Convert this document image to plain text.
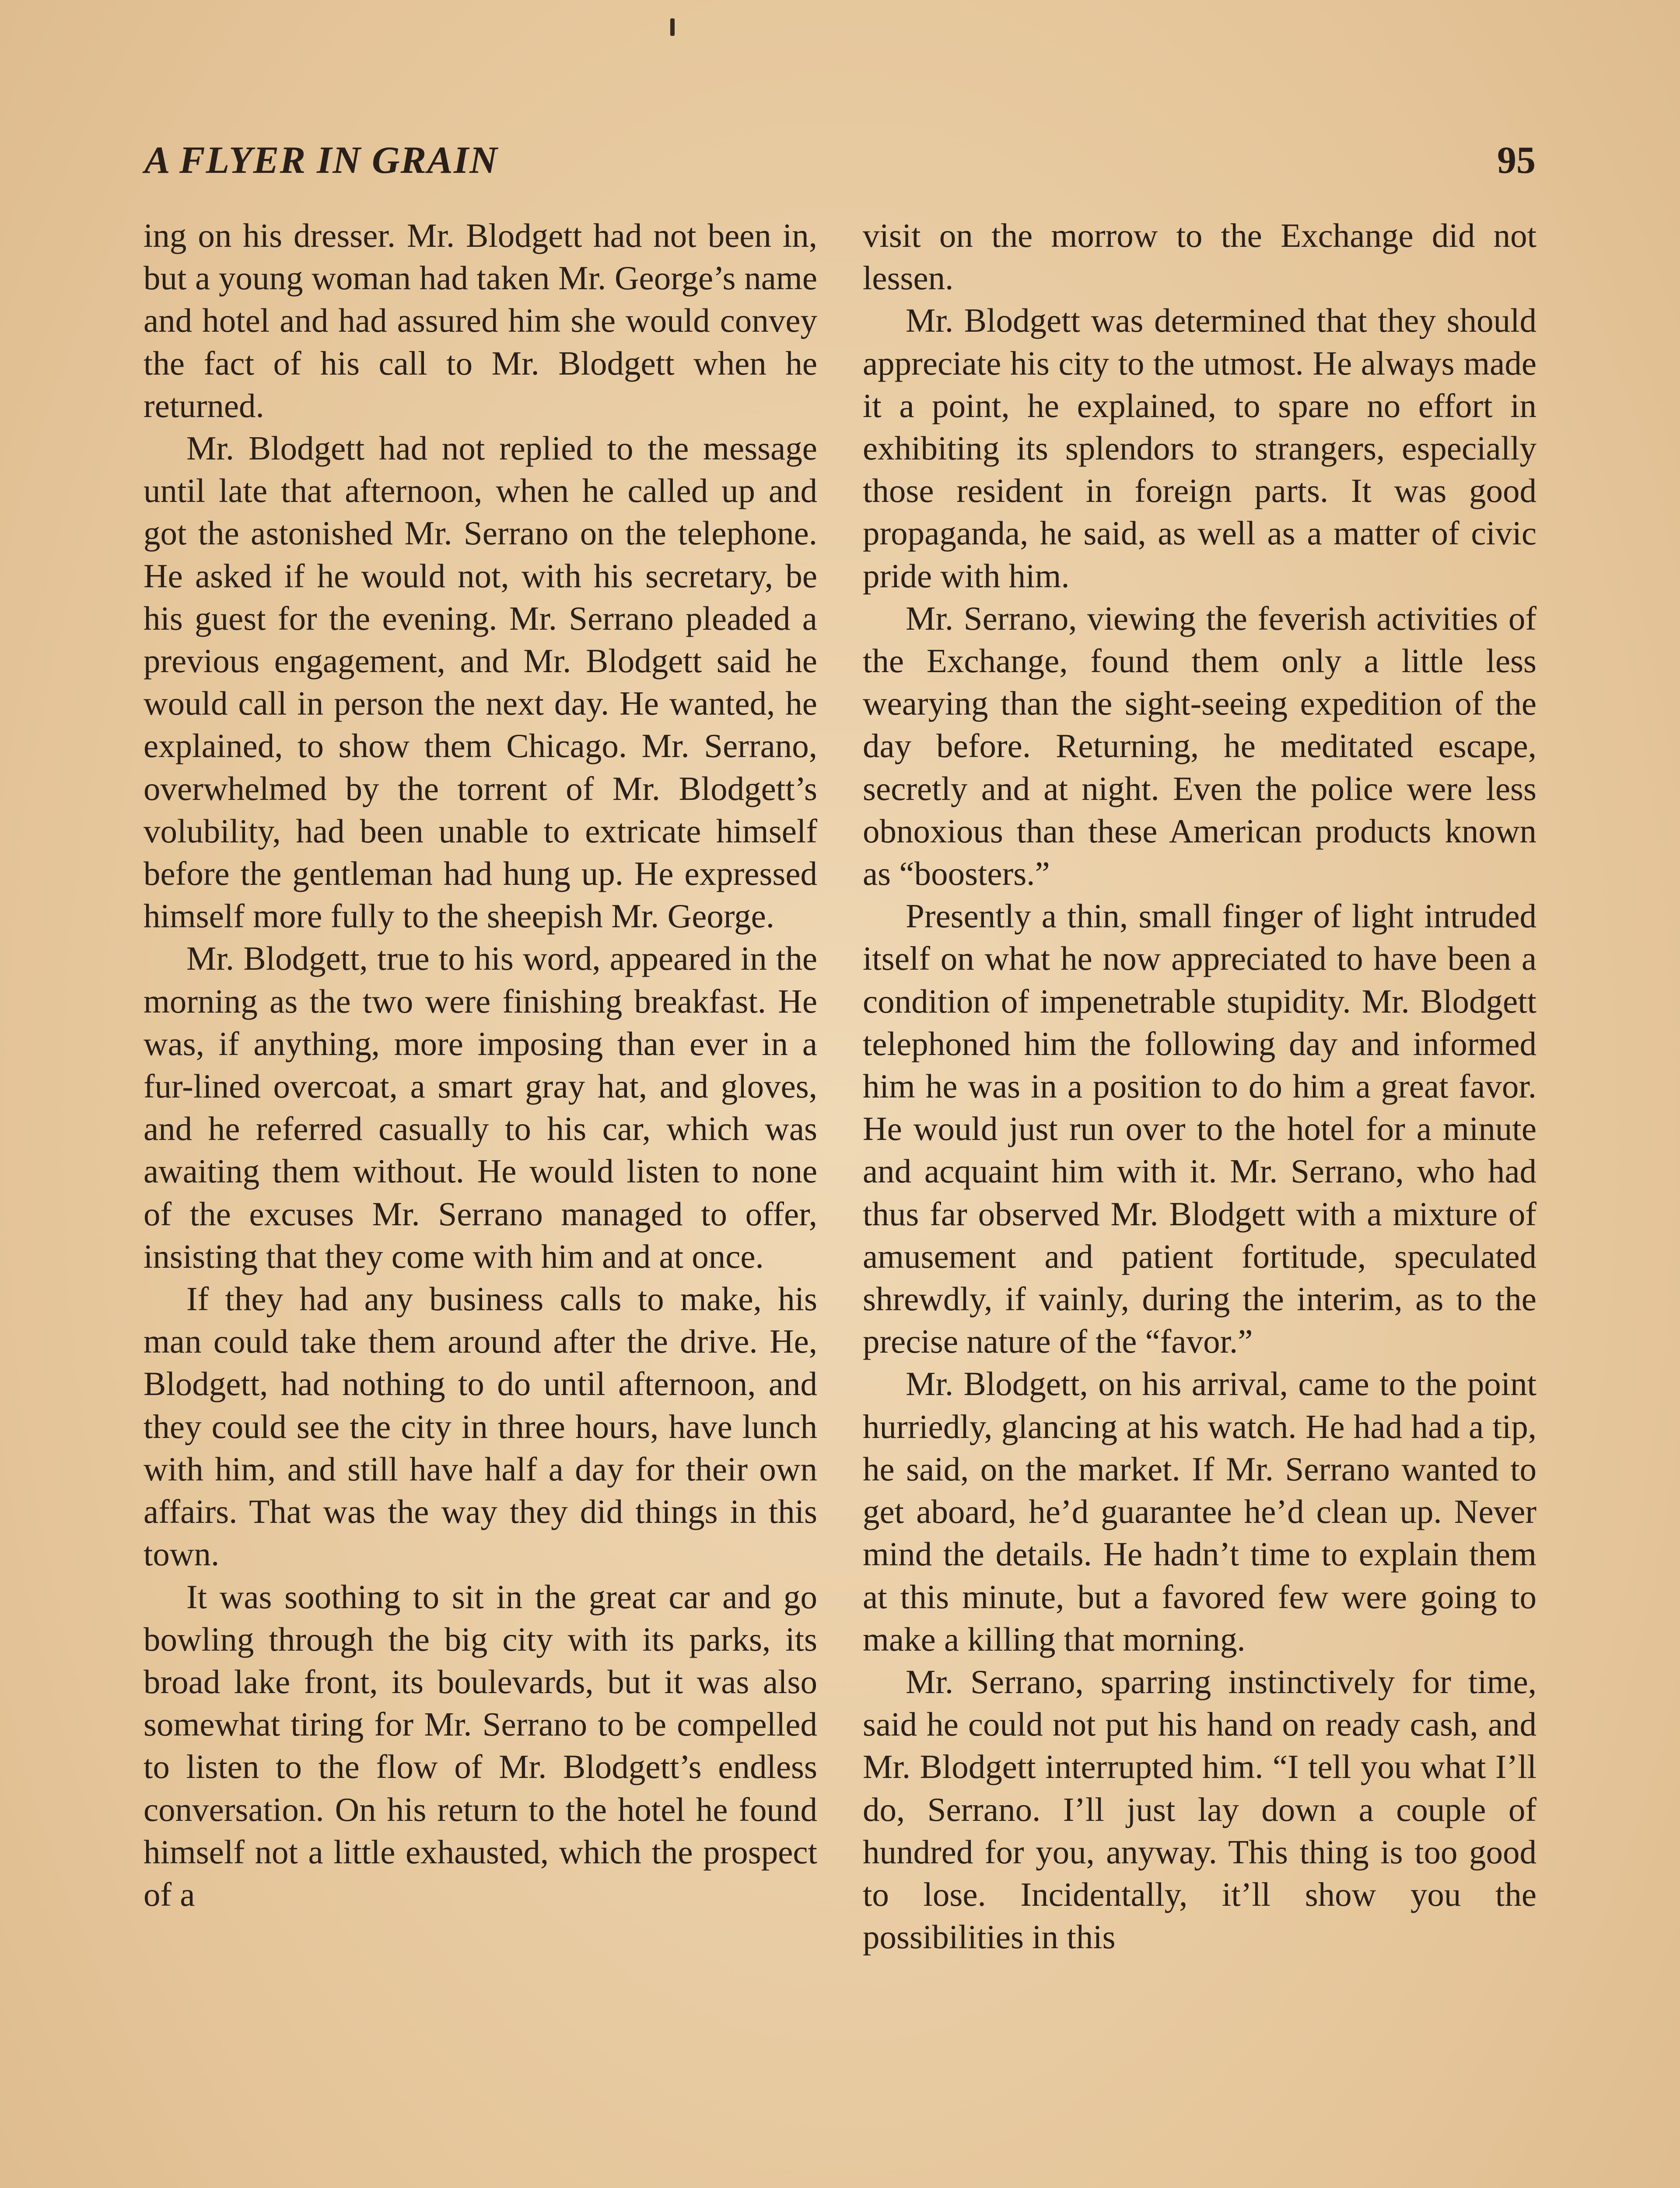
A FLYER IN GRAIN	95

ing on his dresser. Mr. Blodgett had not been in, but a young woman had taken Mr. George’s name and hotel and had assured him she would convey the fact of his call to Mr. Blodgett when he returned.

Mr. Blodgett had not replied to the message until late that afternoon, when he called up and got the astonished Mr. Serrano on the telephone. He asked if he would not, with his secretary, be his guest for the evening. Mr. Serrano pleaded a previous engagement, and Mr. Blodgett said he would call in person the next day. He wanted, he explained, to show them Chicago. Mr. Serrano, overwhelmed by the torrent of Mr. Blodgett’s volubility, had been unable to extricate himself before the gentleman had hung up. He expressed himself more fully to the sheepish Mr. George.

Mr. Blodgett, true to his word, appeared in the morning as the two were finishing breakfast. He was, if anything, more imposing than ever in a fur-lined overcoat, a smart gray hat, and gloves, and he referred casually to his car, which was awaiting them without. He would listen to none of the excuses Mr. Serrano managed to offer, insisting that they come with him and at once.

If they had any business calls to make, his man could take them around after the drive. He, Blodgett, had nothing to do until afternoon, and they could see the city in three hours, have lunch with him, and still have half a day for their own affairs. That was the way they did things in this town.

It was soothing to sit in the great car and go bowling through the big city with its parks, its broad lake front, its boulevards, but it was also somewhat tiring for Mr. Serrano to be compelled to listen to the flow of Mr. Blodgett’s endless conversation. On his return to the hotel he found himself not a little exhausted, which the prospect of a

visit on the morrow to the Exchange did not lessen.

Mr. Blodgett was determined that they should appreciate his city to the utmost. He always made it a point, he explained, to spare no effort in exhibiting its splendors to strangers, especially those resident in foreign parts. It was good propaganda, he said, as well as a matter of civic pride with him.

Mr. Serrano, viewing the feverish activities of the Exchange, found them only a little less wearying than the sight-seeing expedition of the day before. Returning, he meditated escape, secretly and at night. Even the police were less obnoxious than these American products known as “boosters.”

Presently a thin, small finger of light intruded itself on what he now appreciated to have been a condition of impenetrable stupidity. Mr. Blodgett telephoned him the following day and informed him he was in a position to do him a great favor. He would just run over to the hotel for a minute and acquaint him with it. Mr. Serrano, who had thus far observed Mr. Blodgett with a mixture of amusement and patient fortitude, speculated shrewdly, if vainly, during the interim, as to the precise nature of the “favor.”

Mr. Blodgett, on his arrival, came to the point hurriedly, glancing at his watch. He had had a tip, he said, on the market. If Mr. Serrano wanted to get aboard, he’d guarantee he’d clean up. Never mind the details. He hadn’t time to explain them at this minute, but a favored few were going to make a killing that morning.

Mr. Serrano, sparring instinctively for time, said he could not put his hand on ready cash, and Mr. Blodgett interrupted him. “I tell you what I’ll do, Serrano. I’ll just lay down a couple of hundred for you, anyway. This thing is too good to lose. Incidentally, it’ll show you the possibilities in this
